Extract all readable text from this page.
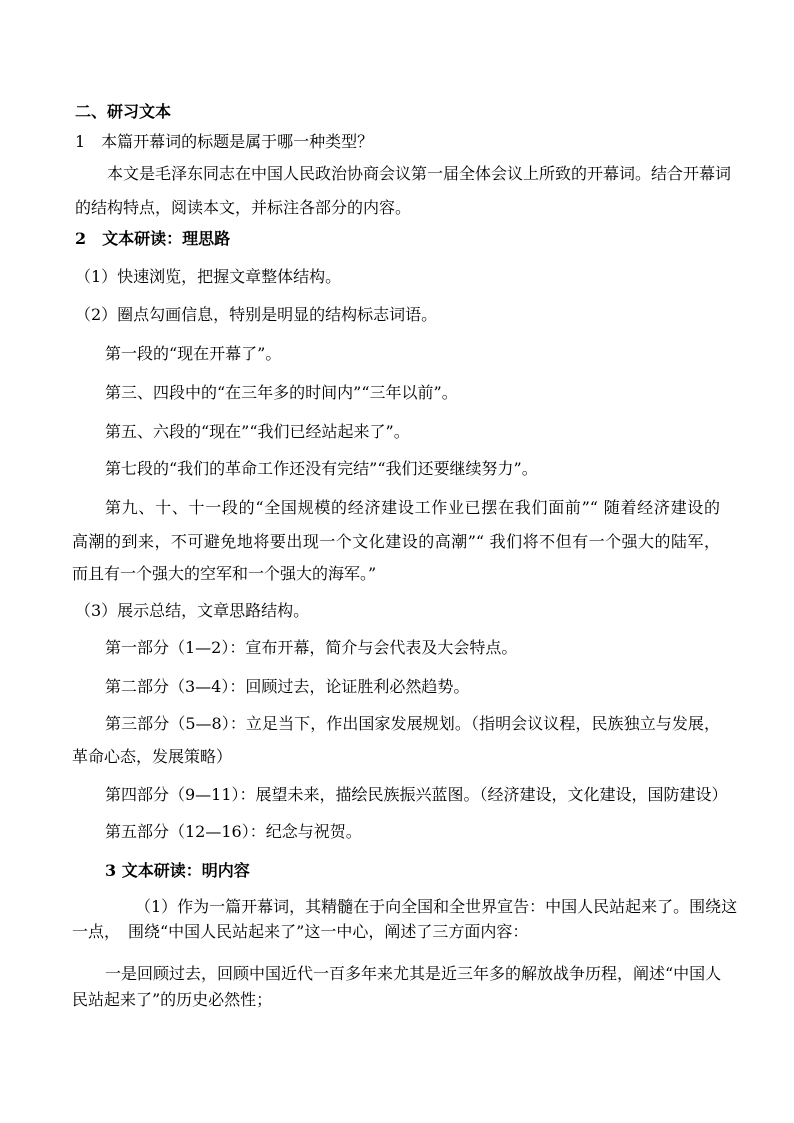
二、研习文本
1　本篇开幕词的标题是属于哪一种类型？
本文是毛泽东同志在中国人民政治协商会议第一届全体会议上所致的开幕词。结合开幕词
的结构特点，阅读本文，并标注各部分的内容。
2　文本研读：理思路
（1）快速浏览，把握文章整体结构。
（2）圈点勾画信息，特别是明显的结构标志词语。
第一段的“现在开幕了”。
第三、四段中的“在三年多的时间内”“三年以前”。
第五、六段的“现在”“我们已经站起来了”。
第七段的“我们的革命工作还没有完结”“我们还要继续努力”。
第九、十、十一段的“全国规模的经济建设工作业已摆在我们面前”“ 随着经济建设的
高潮的到来，不可避免地将要出现一个文化建设的高潮”“ 我们将不但有一个强大的陆军，
而且有一个强大的空军和一个强大的海军。”
（3）展示总结，文章思路结构。
第一部分（1—2）：宣布开幕，简介与会代表及大会特点。
第二部分（3—4）：回顾过去，论证胜利必然趋势。
第三部分（5—8）：立足当下，作出国家发展规划。（指明会议议程，民族独立与发展，
革命心态，发展策略）
第四部分（9—11）：展望未来，描绘民族振兴蓝图。（经济建设，文化建设，国防建设）
第五部分（12—16）：纪念与祝贺。
3 文本研读：明内容
（1）作为一篇开幕词，其精髓在于向全国和全世界宣告：中国人民站起来了。围绕这
一点，　围绕“中国人民站起来了”这一中心，阐述了三方面内容：
一是回顾过去，回顾中国近代一百多年来尤其是近三年多的解放战争历程，阐述“中国人
民站起来了”的历史必然性；
